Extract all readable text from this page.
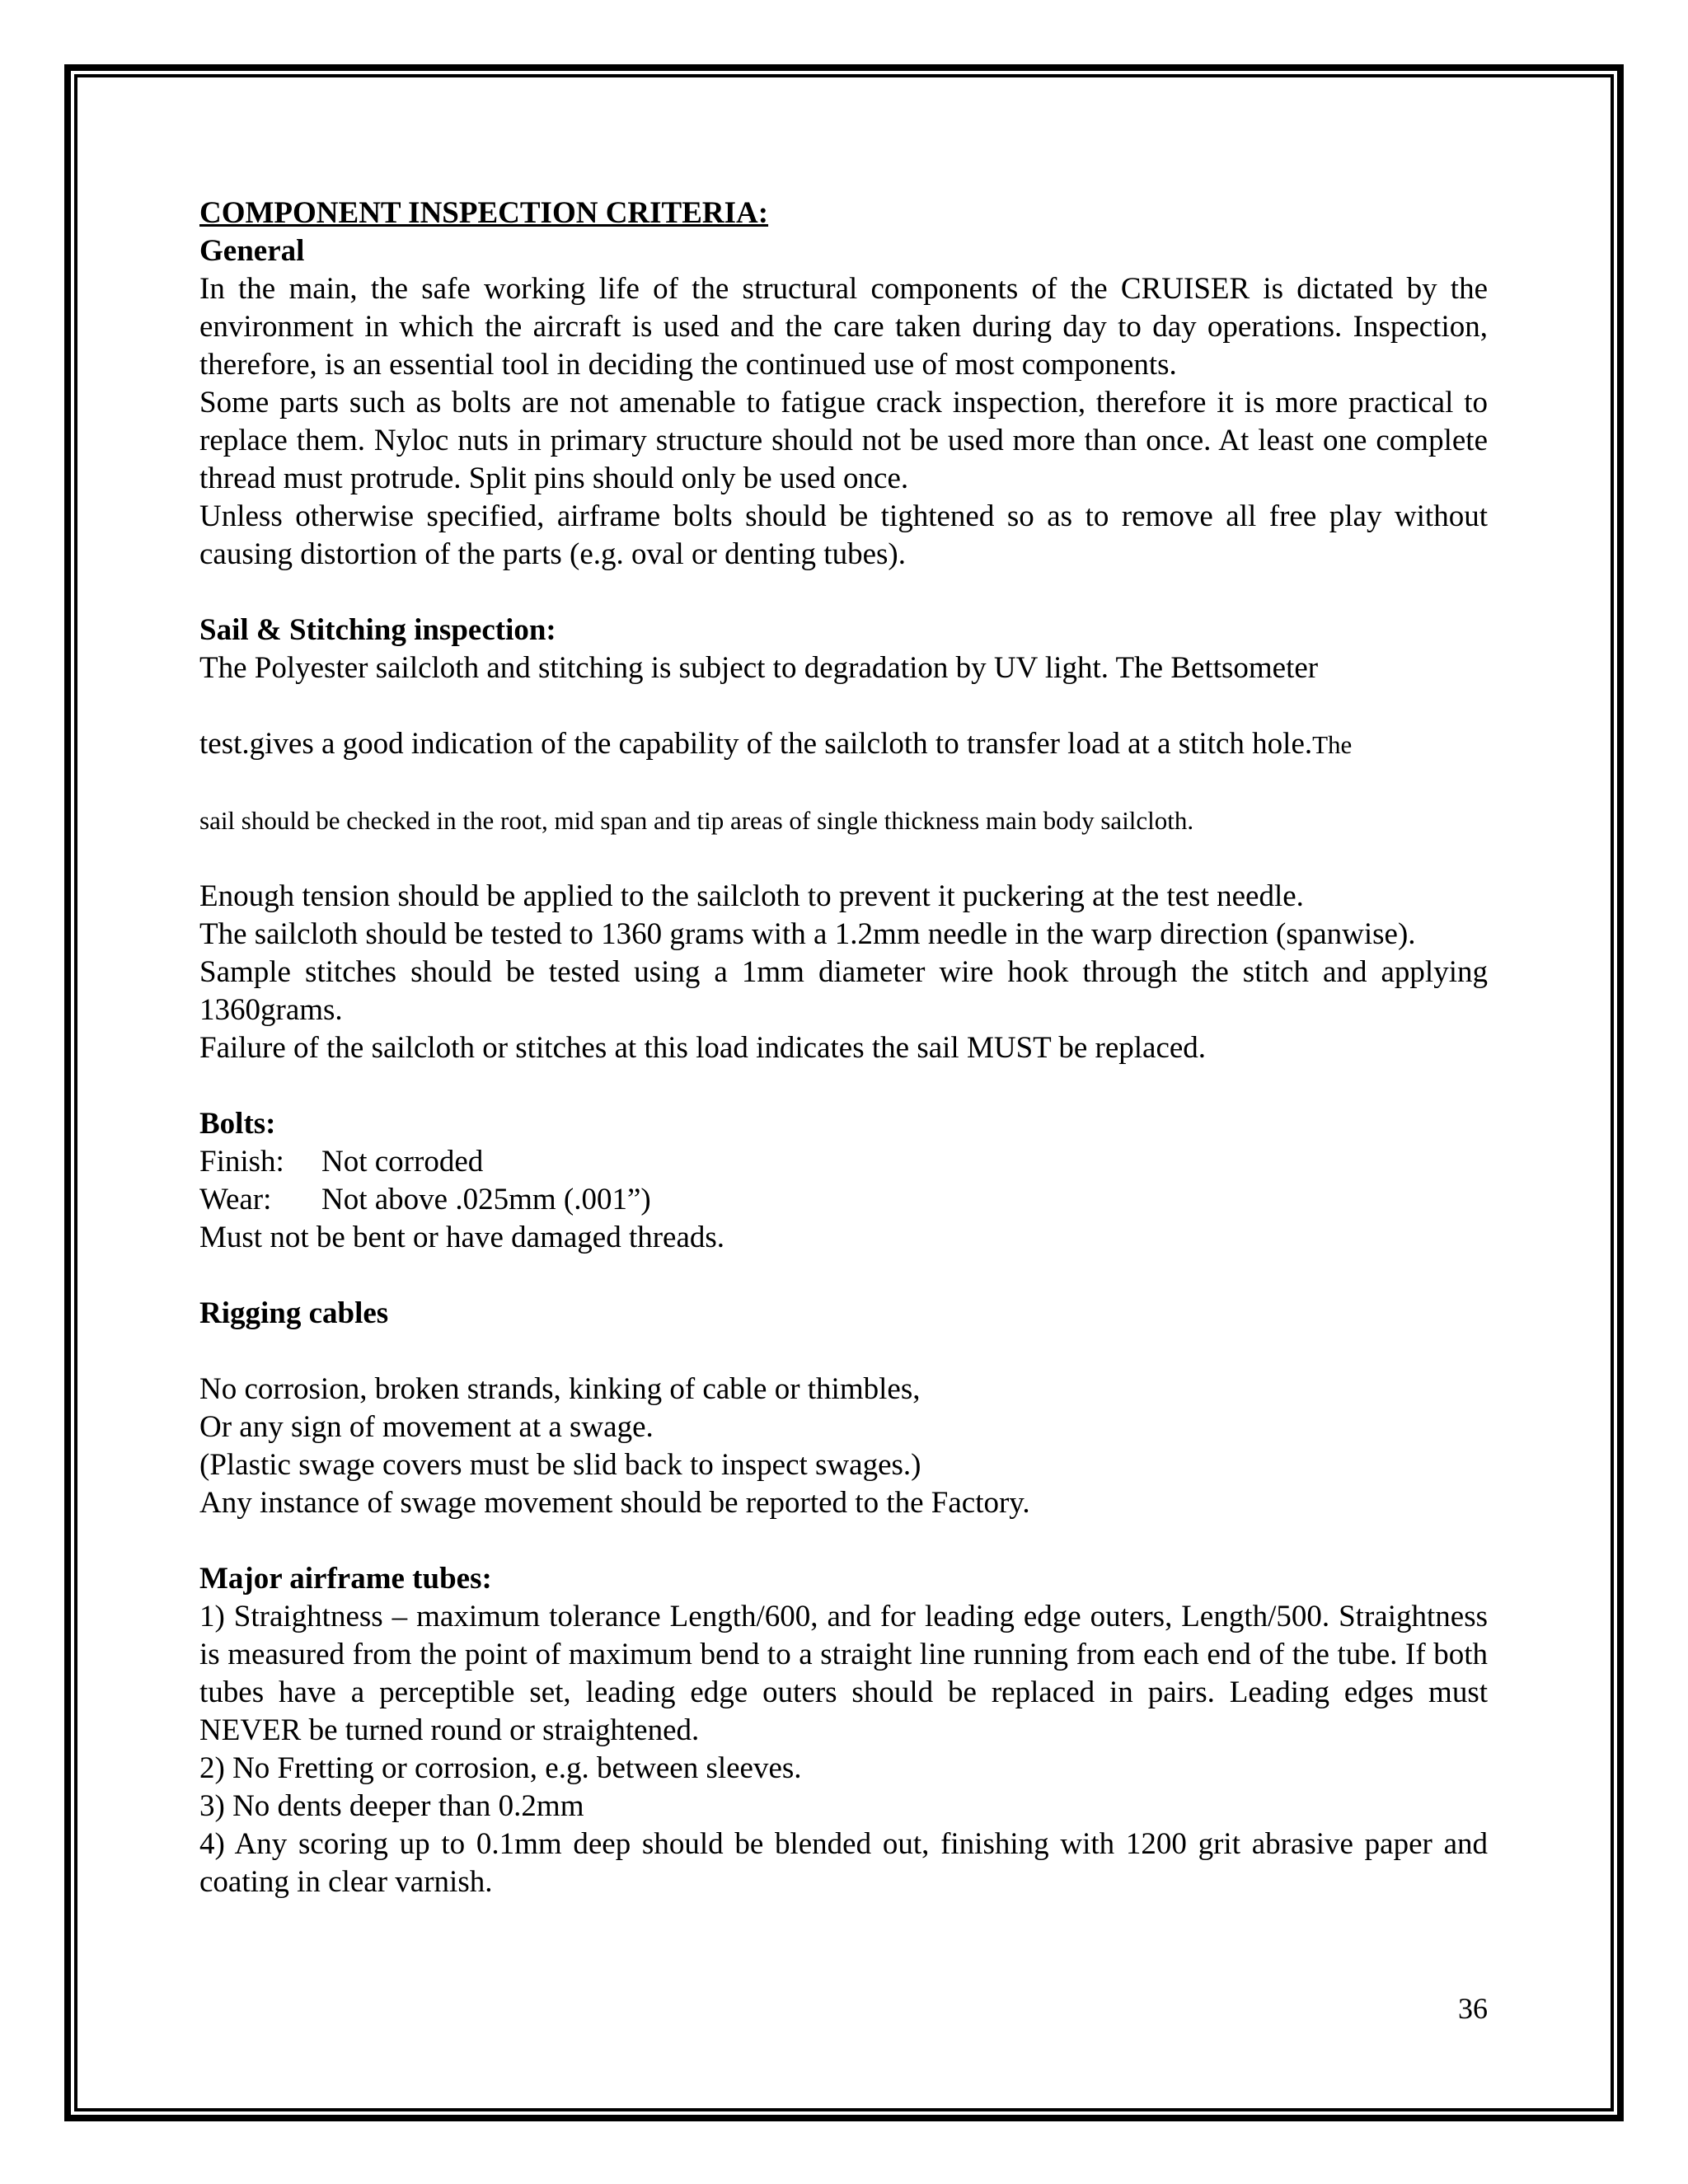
COMPONENT INSPECTION CRITERIA:

General

In the main, the safe working life of the structural components of the CRUISER is dictated by the environment in which the aircraft is used and the care taken during day to day operations. Inspection, therefore, is an essential tool in deciding the continued use of most components.

Some parts such as bolts are not amenable to fatigue crack inspection, therefore it is more practical to replace them. Nyloc nuts in primary structure should not be used more than once. At least one complete thread must protrude. Split pins should only be used once.

Unless otherwise specified, airframe bolts should be tightened so as to remove all free play without causing distortion of the parts (e.g. oval or denting tubes).

Sail & Stitching inspection:

The Polyester sailcloth and stitching is subject to degradation by UV light. The Bettsometer

test.gives a good indication of the capability of the sailcloth to transfer load at a stitch hole.The

sail should be checked in the root, mid span and tip areas of single thickness main body sailcloth.

Enough tension should be applied to the sailcloth to prevent it puckering at the test needle.

The sailcloth should be tested to 1360 grams with a 1.2mm needle in the warp direction (spanwise).

Sample stitches should be tested using a 1mm diameter wire hook through the stitch and applying 1360grams.

Failure of the sailcloth or stitches at this load indicates the sail MUST be replaced.

Bolts:

Finish:	Not corroded
Wear:	Not above .025mm (.001”)

Must not be bent or have damaged threads.

Rigging cables

No corrosion, broken strands, kinking of cable or thimbles,

Or any sign of movement at a swage.

(Plastic swage covers must be slid back to inspect swages.)

Any instance of swage movement should be reported to the Factory.

Major airframe tubes:

1) Straightness – maximum tolerance Length/600, and for leading edge outers, Length/500. Straightness is measured from the point of maximum bend to a straight line running from each end of the tube. If both tubes have a perceptible set, leading edge outers should be replaced in pairs. Leading edges must NEVER be turned round or straightened.

2) No Fretting or corrosion, e.g. between sleeves.

3) No dents deeper than 0.2mm

4) Any scoring up to 0.1mm deep should be blended out, finishing with 1200 grit abrasive paper and coating in clear varnish.

36
